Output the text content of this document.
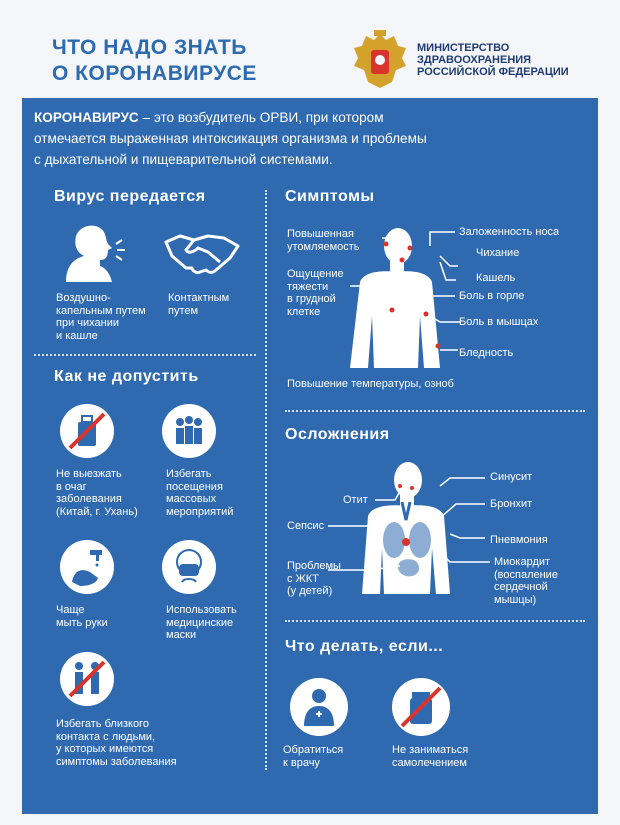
ЧТО НАДО ЗНАТЬ
О КОРОНАВИРУСЕ
МИНИСТЕРСТВО
ЗДРАВООХРАНЕНИЯ
РОССИЙСКОЙ ФЕДЕРАЦИИ
КОРОНАВИРУС – это возбудитель ОРВИ, при котором
отмечается выраженная интоксикация организма и проблемы
с дыхательной и пищеварительной системами.
Вирус передается
Воздушно-
капельным путем
при чихании
и кашле
Контактным
путем
Как не допустить
Не выезжать
в очаг
заболевания
(Китай, г. Ухань)
Избегать
посещения
массовых
мероприятий
Чаще
мыть руки
Использовать
медицинские
маски
Избегать близкого
контакта с людьми,
у которых имеются
симптомы заболевания
Симптомы
Повышенная
утомляемость
Ощущение
тяжести
в грудной
клетке
Заложенность носа
Чихание
Кашель
Боль в горле
Боль в мышцах
Бледность
Повышение температуры, озноб
Осложнения
Синусит
Отит	Бронхит
Сепсис
Пневмония
Проблемы
с ЖКТ
(у детей)
Миокардит
(воспаление
сердечной
мышцы)
Что делать, если...
Обратиться
к врачу
Не заниматься
самолечением
